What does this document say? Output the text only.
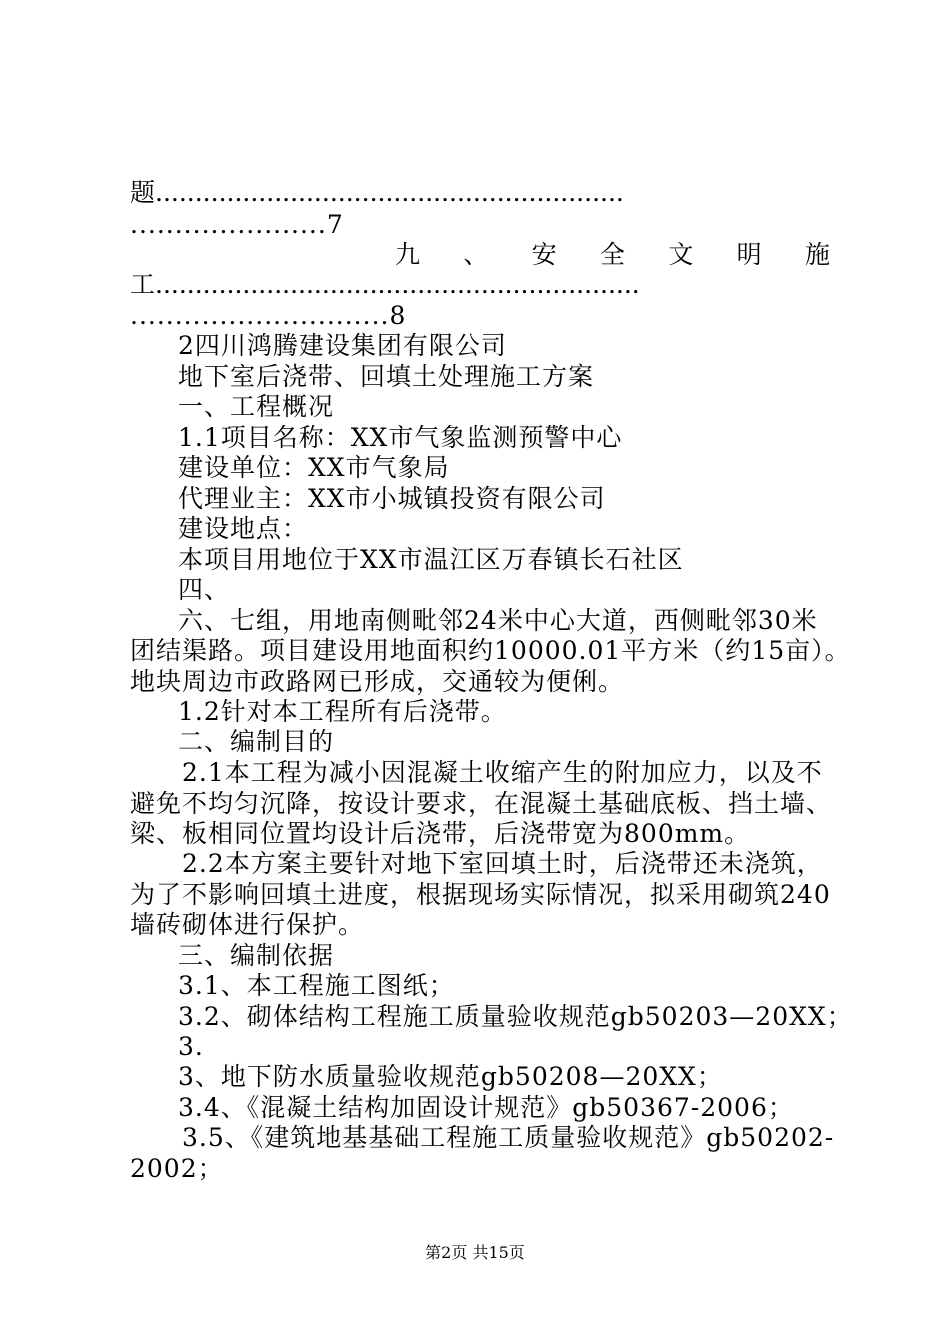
题...........................................................
......................7
九 、 安 全 文 明 施
工.............................................................
.............................8
2四川鸿腾建设集团有限公司
地下室后浇带、回填土处理施工方案
一、工程概况
1.1项目名称：XX市气象监测预警中心
建设单位：XX市气象局
代理业主：XX市小城镇投资有限公司
建设地点：
本项目用地位于XX市温江区万春镇长石社区
四、
六、七组，用地南侧毗邻24米中心大道，西侧毗邻30米
团结渠路。项目建设用地面积约10000.01平方米（约15亩）。
地块周边市政路网已形成，交通较为便俐。
1.2针对本工程所有后浇带。
二、编制目的
2.1本工程为减小因混凝土收缩产生的附加应力，以及不
避免不均匀沉降，按设计要求，在混凝土基础底板、挡土墙、
梁、板相同位置均设计后浇带，后浇带宽为800mm。
2.2本方案主要针对地下室回填土时，后浇带还未浇筑，
为了不影响回填土进度，根据现场实际情况，拟采用砌筑240
墙砖砌体进行保护。
三、编制依据
3.1、本工程施工图纸；
3.2、砌体结构工程施工质量验收规范gb50203—20XX；
3.
3、地下防水质量验收规范gb50208—20XX；
3.4、《混凝土结构加固设计规范》gb50367-2006；
3.5、《建筑地基基础工程施工质量验收规范》gb50202-
2002；
第2页 共15页
